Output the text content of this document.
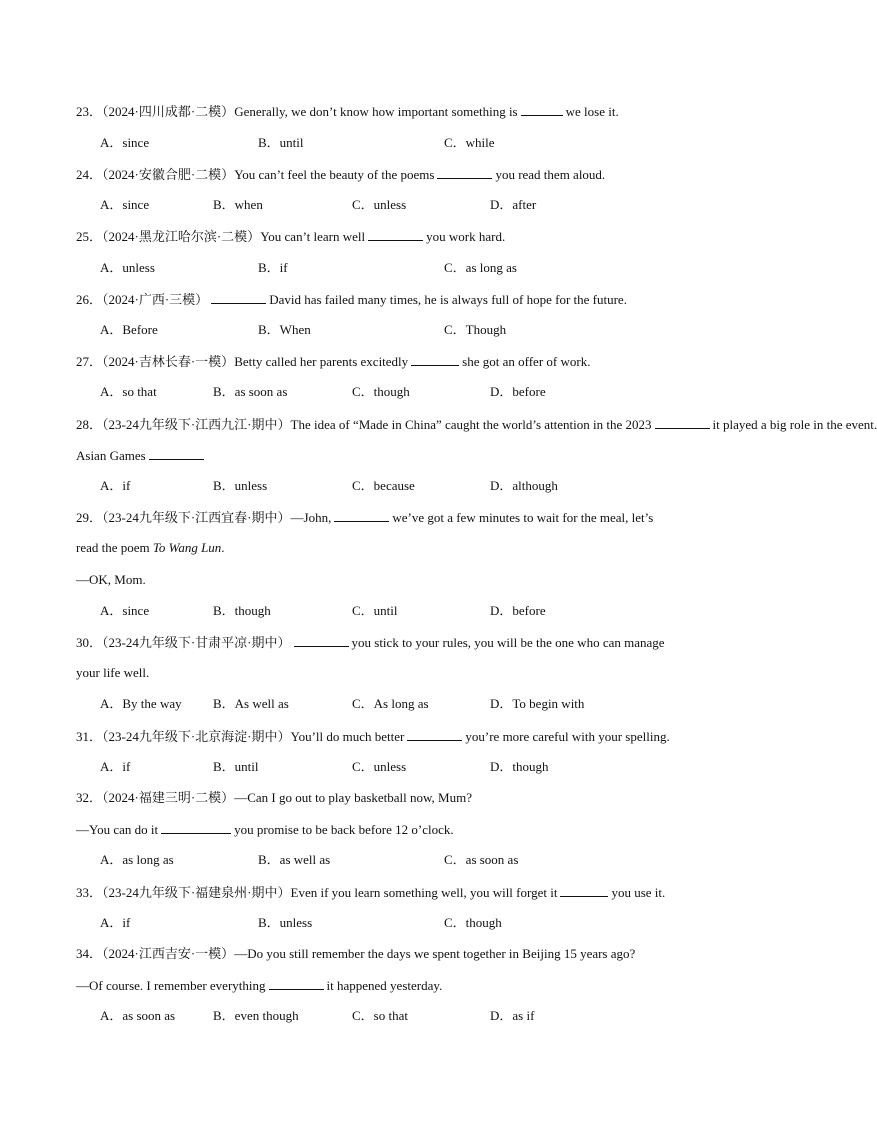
23．（2024·四川成都·二模）Generally, we don’t know how important something is	we lose it.
A．since	B．until	C．while
24．（2024·安徽合肥·二模）You can’t feel the beauty of the poems	you read them aloud.
A．since	B．when	C．unless	D．after
25．（2024·黑龙江哈尔滨·二模）You can’t learn well	you work hard.
A．unless	B．if	C．as long as
26．（2024·广西·三模）	David has failed many times, he is always full of hope for the future.
A．Before	B．When	C．Though
27．（2024·吉林长春·一模）Betty called her parents excitedly	she got an offer of work.
A．so that	B．as soon as	C．though	D．before
28．（23-24九年级下·江西九江·期中）The idea of “Made in China” caught the world’s attention in the 2023	it played a big role in the event.
Asian Games
A．if	B．unless	C．because	D．although
29．（23-24九年级下·江西宜春·期中）—John,	we’ve got a few minutes to wait for the meal, let’s
read the poem To Wang Lun.
—OK, Mom.
A．since	B．though	C．until	D．before
30．（23-24九年级下·甘肃平凉·期中）	you stick to your rules, you will be the one who can manage
your life well.
A．By the way B．As well as	C．As long as	D．To begin with
31．（23-24九年级下·北京海淀·期中）You’ll do much better	you’re more careful with your spelling.
A．if	B．until	C．unless	D．though
32．（2024·福建三明·二模）—Can I go out to play basketball now, Mum?
—You can do it	you promise to be back before 12 o’clock.
A．as long as	B．as well as	C．as soon as
33．（23-24九年级下·福建泉州·期中）Even if you learn something well, you will forget it	you use it.
A．if	B．unless	C．though
34．（2024·江西吉安·一模）—Do you still remember the days we spent together in Beijing 15 years ago?
—Of course. I remember everything	it happened yesterday.
A．as soon as	B．even though	C．so that	D．as if
